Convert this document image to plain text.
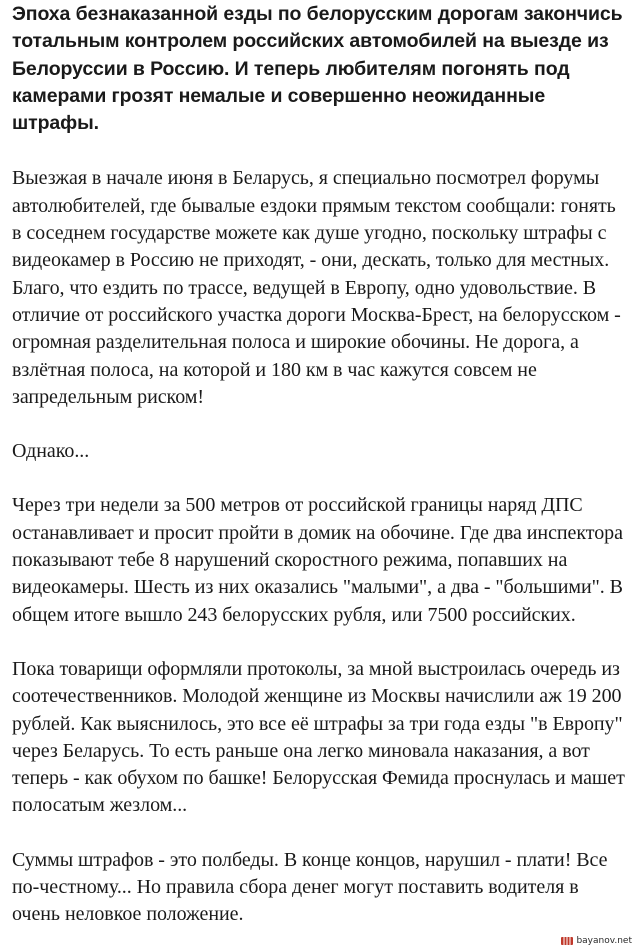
Эпоха безнаказанной езды по белорусским дорогам закончись тотальным контролем российских автомобилей на выезде из Белоруссии в Россию. И теперь любителям погонять под камерами грозят немалые и совершенно неожиданные штрафы.

Выезжая в начале июня в Беларусь, я специально посмотрел форумы автолюбителей, где бывалые ездоки прямым текстом сообщали: гонять в соседнем государстве можете как душе угодно, поскольку штрафы с видеокамер в Россию не приходят, - они, дескать, только для местных. Благо, что ездить по трассе, ведущей в Европу, одно удовольствие. В отличие от российского участка дороги Москва-Брест, на белорусском - огромная разделительная полоса и широкие обочины. Не дорога, а взлётная полоса, на которой и 180 км в час кажутся совсем не запредельным риском!

Однако...

Через три недели за 500 метров от российской границы наряд ДПС останавливает и просит пройти в домик на обочине. Где два инспектора показывают тебе 8 нарушений скоростного режима, попавших на видеокамеры. Шесть из них оказались "малыми", а два - "большими". В общем итоге вышло 243 белорусских рубля, или 7500 российских.

Пока товарищи оформляли протоколы, за мной выстроилась очередь из соотечественников. Молодой женщине из Москвы начислили аж 19 200 рублей. Как выяснилось, это все её штрафы за три года езды "в Европу" через Беларусь. То есть раньше она легко миновала наказания, а вот теперь - как обухом по башке! Белорусская Фемида проснулась и машет полосатым жезлом...

Суммы штрафов - это полбеды. В конце концов, нарушил - плати! Все по-честному... Но правила сбора денег могут поставить водителя в очень неловкое положение.

bayanov.net
